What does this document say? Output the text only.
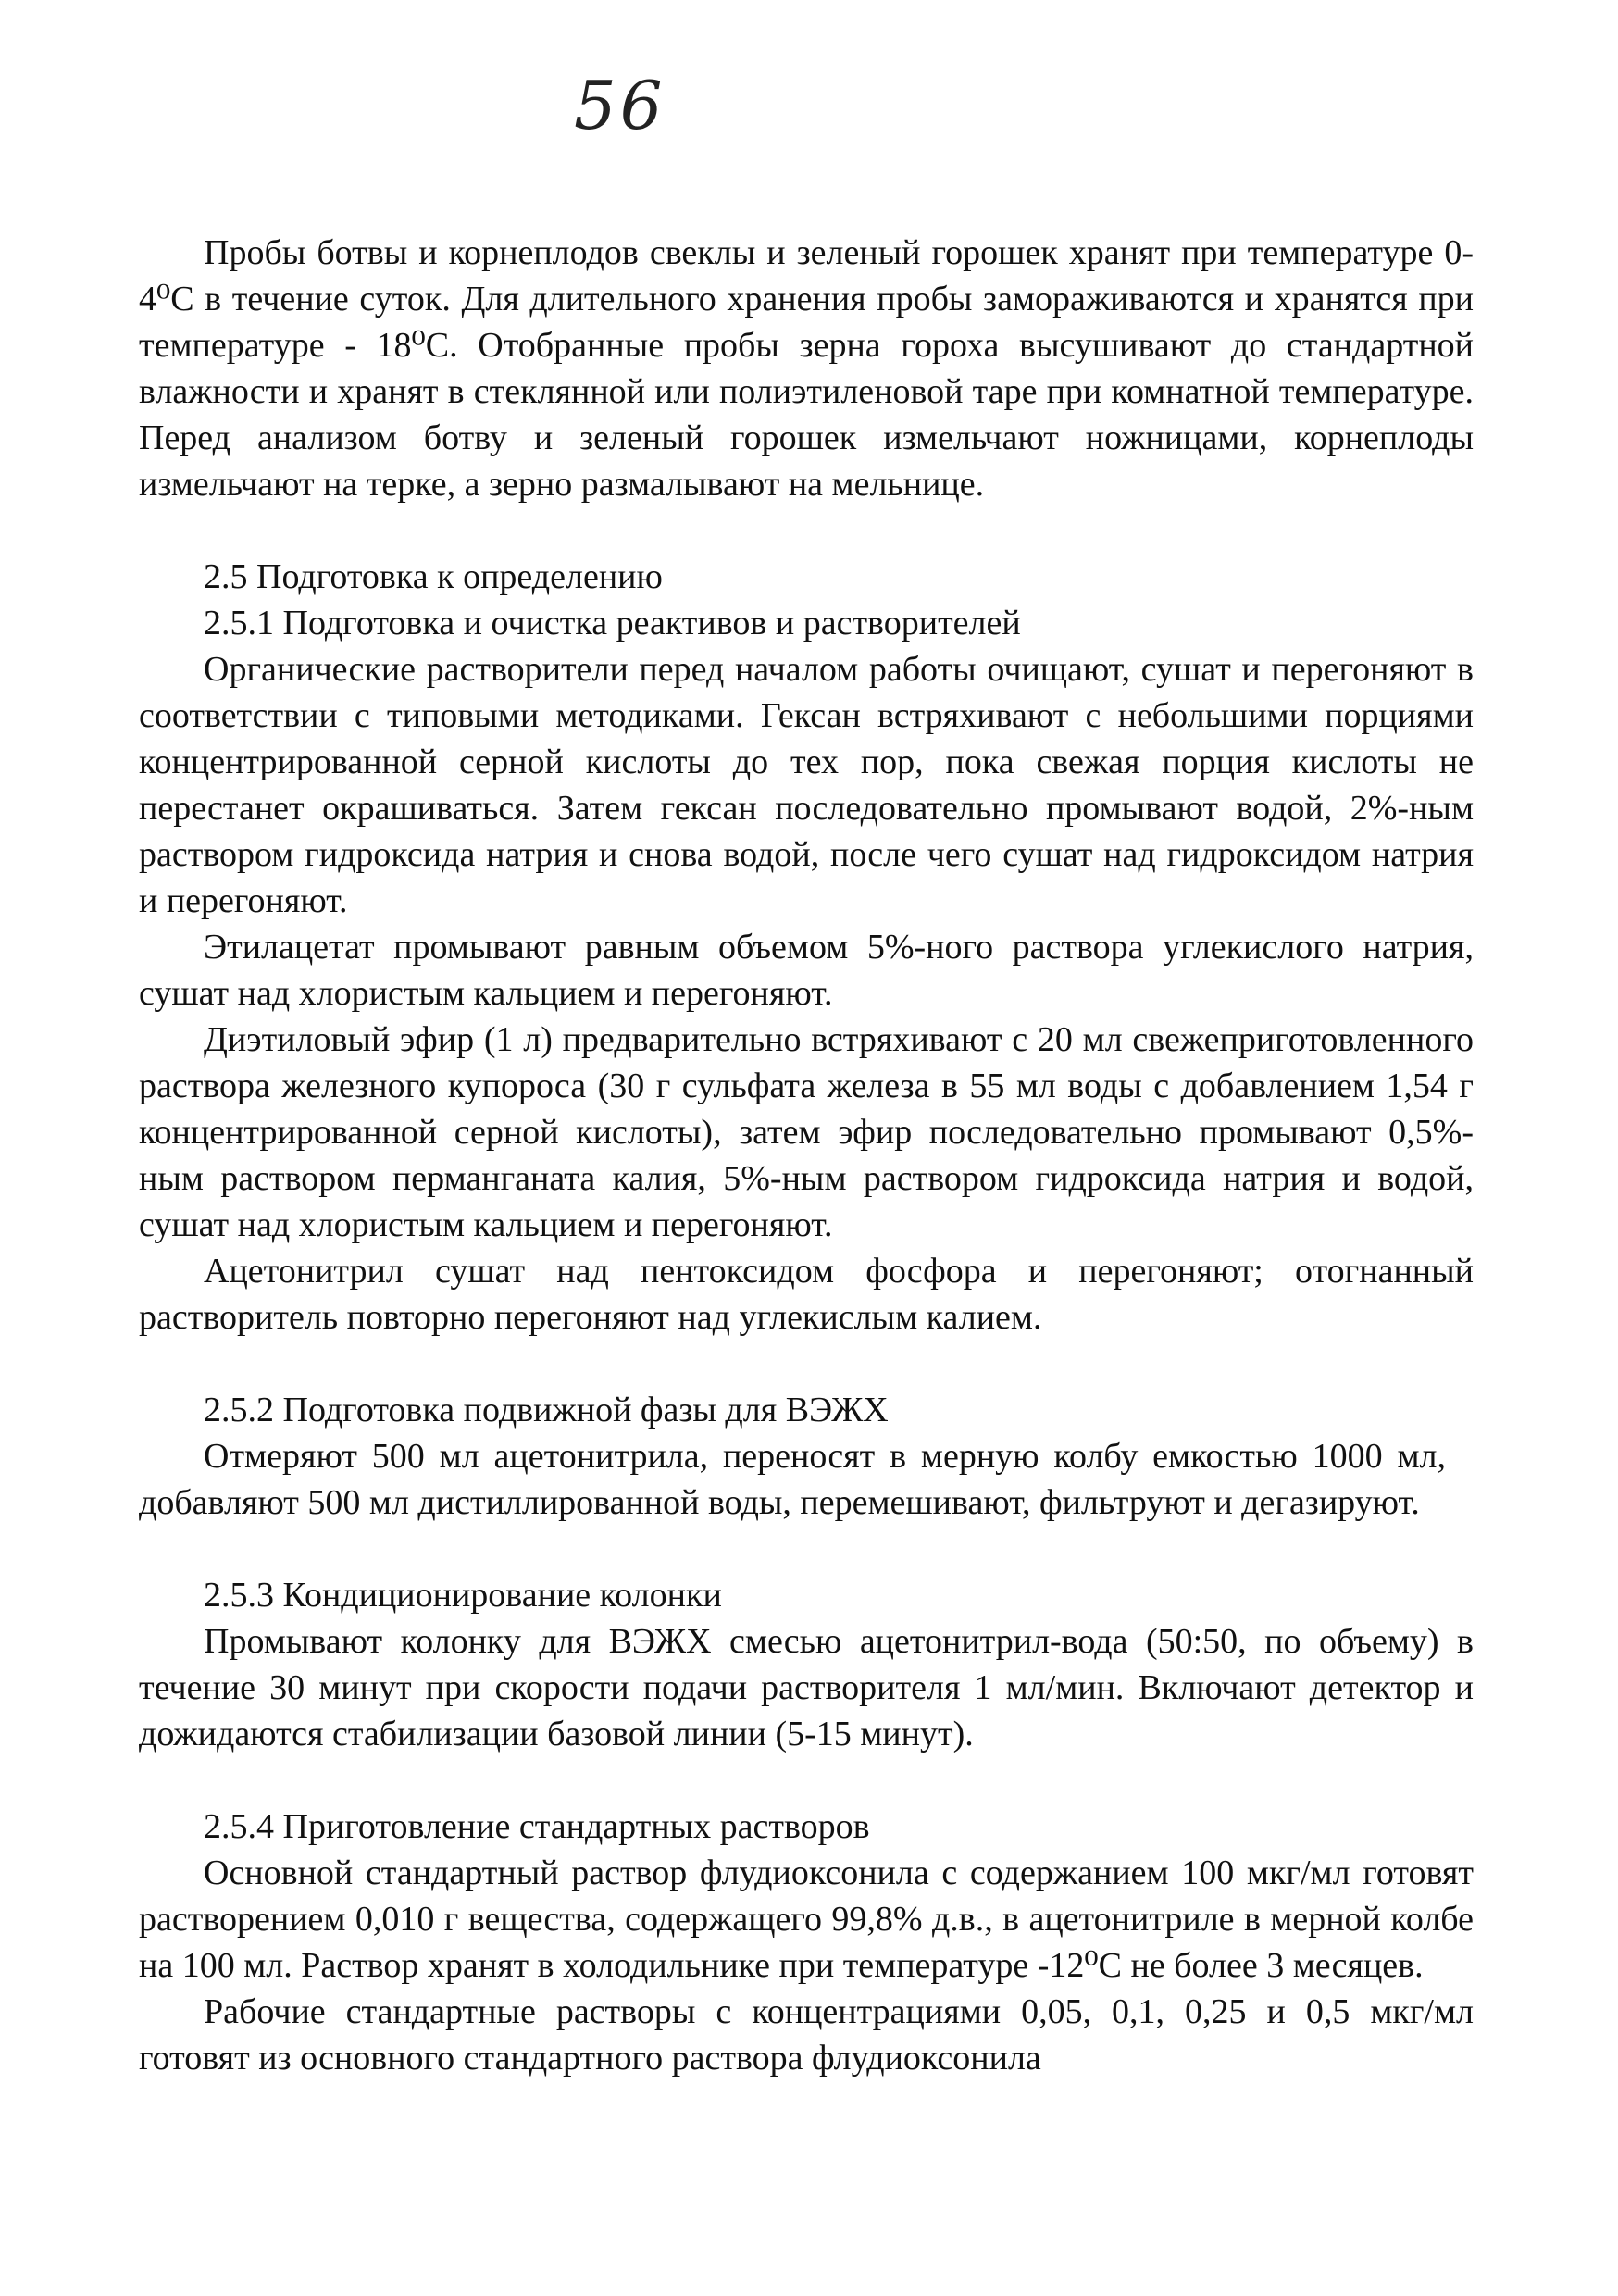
56

Пробы ботвы и корнеплодов свеклы и зеленый горошек хранят при температуре 0-4⁰С в течение суток. Для длительного хранения пробы замораживаются и хранятся при температуре - 18⁰С. Отобранные пробы зерна гороха высушивают до стандартной влажности и хранят в стеклянной или полиэтиленовой таре при комнатной температуре. Перед анализом ботву и зеленый горошек измельчают ножницами, корнеплоды измельчают на терке, а зерно размалывают на мельнице.

2.5 Подготовка к определению

2.5.1 Подготовка и очистка реактивов и растворителей

Органические растворители перед началом работы очищают, сушат и перегоняют в соответствии с типовыми методиками. Гексан встряхивают с небольшими порциями концентрированной серной кислоты до тех пор, пока свежая порция кислоты не перестанет окрашиваться. Затем гексан последовательно промывают водой, 2%-ным раствором гидроксида натрия и снова водой, после чего сушат над гидроксидом натрия и перегоняют.

Этилацетат промывают равным объемом 5%-ного раствора углекислого натрия, сушат над хлористым кальцием и перегоняют.

Диэтиловый эфир (1 л) предварительно встряхивают с 20 мл свежеприготовленного раствора железного купороса (30 г сульфата железа в 55 мл воды с добавлением 1,54 г концентрированной серной кислоты), затем эфир последовательно промывают 0,5%-ным раствором перманганата калия, 5%-ным раствором гидроксида натрия и водой, сушат над хлористым кальцием и перегоняют.

Ацетонитрил сушат над пентоксидом фосфора и перегоняют; отогнанный растворитель повторно перегоняют над углекислым калием.

2.5.2 Подготовка подвижной фазы для ВЭЖХ

Отмеряют 500 мл ацетонитрила, переносят в мерную колбу емкостью 1000 мл, добавляют 500 мл дистиллированной воды, перемешивают, фильтруют и дегазируют.

2.5.3 Кондиционирование колонки

Промывают колонку для ВЭЖХ смесью ацетонитрил-вода (50:50, по объему) в течение 30 минут при скорости подачи растворителя 1 мл/мин. Включают детектор и дожидаются стабилизации базовой линии (5-15 минут).

2.5.4 Приготовление стандартных растворов

Основной стандартный раствор флудиоксонила с содержанием 100 мкг/мл готовят растворением 0,010 г вещества, содержащего 99,8% д.в., в ацетонитриле в мерной колбе на 100 мл. Раствор хранят в холодильнике при температуре -12⁰С не более 3 месяцев.

Рабочие стандартные растворы с концентрациями 0,05, 0,1, 0,25 и 0,5 мкг/мл готовят из основного стандартного раствора флудиоксонила
